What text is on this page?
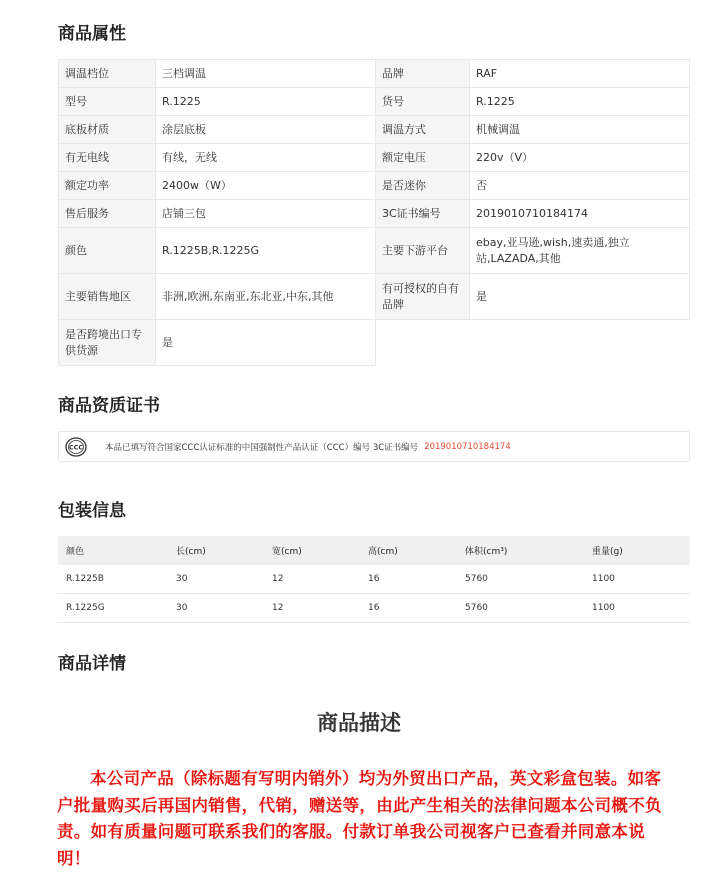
商品属性
调温档位	三档调温	品牌	RAF
型号	R.1225	货号	R.1225
底板材质	涂层底板	调温方式	机械调温
有无电线	有线，无线	额定电压	220v（V）
额定功率	2400w（W）	是否迷你	否
售后服务	店铺三包	3C证书编号	2019010710184174
颜色	R.1225B,R.1225G	主要下游平台	ebay,亚马逊,wish,速卖通,独立站,LAZADA,其他
主要销售地区	非洲,欧洲,东南亚,东北亚,中东,其他	有可授权的自有品牌	是
是否跨境出口专供货源	是		
商品资质证书
CCC	本品已填写符合国家CCC认证标准的中国强制性产品认证（CCC）编号 3C证书编号 2019010710184174
包装信息
颜色	长(cm)	宽(cm)	高(cm)	体积(cm³)	重量(g)
R.1225B	30	12	16	5760	1100
R.1225G	30	12	16	5760	1100
商品详情
商品描述

本公司产品（除标题有写明内销外）均为外贸出口产品，英文彩盒包装。如客户批量购买后再国内销售，代销，赠送等，由此产生相关的法律问题本公司概不负责。如有质量问题可联系我们的客服。付款订单我公司视客户已查看并同意本说明！
